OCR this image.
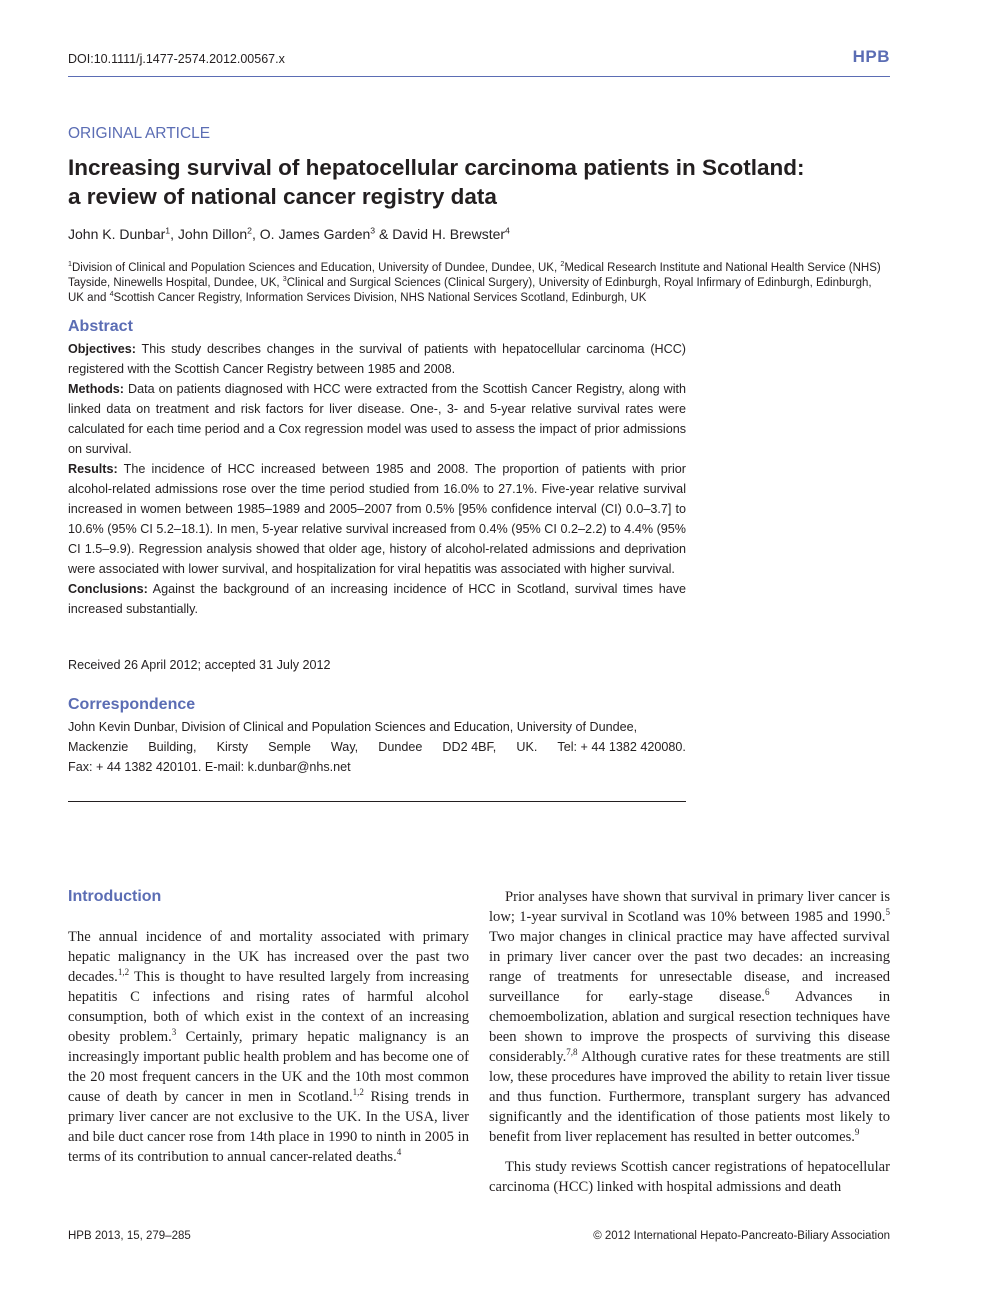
DOI:10.1111/j.1477-2574.2012.00567.x	HPB
ORIGINAL ARTICLE
Increasing survival of hepatocellular carcinoma patients in Scotland:
a review of national cancer registry data
John K. Dunbar$^1$, John Dillon$^2$, O. James Garden$^3$ & David H. Brewster$^4$
$^1$Division of Clinical and Population Sciences and Education, University of Dundee, Dundee, UK, $^2$Medical Research Institute and National Health Service (NHS) Tayside, Ninewells Hospital, Dundee, UK, $^3$Clinical and Surgical Sciences (Clinical Surgery), University of Edinburgh, Royal Infirmary of Edinburgh, Edinburgh, UK and $^4$Scottish Cancer Registry, Information Services Division, NHS National Services Scotland, Edinburgh, UK
Abstract

Objectives: This study describes changes in the survival of patients with hepatocellular carcinoma (HCC) registered with the Scottish Cancer Registry between 1985 and 2008.

Methods: Data on patients diagnosed with HCC were extracted from the Scottish Cancer Registry, along with linked data on treatment and risk factors for liver disease. One-, 3- and 5-year relative survival rates were calculated for each time period and a Cox regression model was used to assess the impact of prior admissions on survival.

Results: The incidence of HCC increased between 1985 and 2008. The proportion of patients with prior alcohol-related admissions rose over the time period studied from 16.0% to 27.1%. Five-year relative survival increased in women between 1985–1989 and 2005–2007 from 0.5% [95% confidence interval (CI) 0.0–3.7] to 10.6% (95% CI 5.2–18.1). In men, 5-year relative survival increased from 0.4% (95% CI 0.2–2.2) to 4.4% (95% CI 1.5–9.9). Regression analysis showed that older age, history of alcohol-related admissions and deprivation were associated with lower survival, and hospitalization for viral hepatitis was associated with higher survival.

Conclusions: Against the background of an increasing incidence of HCC in Scotland, survival times have increased substantially.

Received 26 April 2012; accepted 31 July 2012
Correspondence
John Kevin Dunbar, Division of Clinical and Population Sciences and Education, University of Dundee,
Mackenzie Building, Kirsty Semple Way, Dundee DD2 4BF, UK. Tel: + 44 1382 420080.
Fax: + 44 1382 420101. E-mail: k.dunbar@nhs.net
Introduction

The annual incidence of and mortality associated with primary hepatic malignancy in the UK has increased over the past two decades.$^{1,2}$ This is thought to have resulted largely from increasing hepatitis C infections and rising rates of harmful alcohol consumption, both of which exist in the context of an increasing obesity problem.$^3$ Certainly, primary hepatic malignancy is an increasingly important public health problem and has become one of the 20 most frequent cancers in the UK and the 10th most common cause of death by cancer in men in Scotland.$^{1,2}$ Rising trends in primary liver cancer are not exclusive to the UK. In the USA, liver and bile duct cancer rose from 14th place in 1990 to ninth in 2005 in terms of its contribution to annual cancer-related deaths.$^4$

Prior analyses have shown that survival in primary liver cancer is low; 1-year survival in Scotland was 10% between 1985 and 1990.$^5$ Two major changes in clinical practice may have affected survival in primary liver cancer over the past two decades: an increasing range of treatments for unresectable disease, and increased surveillance for early-stage disease.$^6$ Advances in chemoembolization, ablation and surgical resection techniques have been shown to improve the prospects of surviving this disease considerably.$^{7,8}$ Although curative rates for these treatments are still low, these procedures have improved the ability to retain liver tissue and thus function. Furthermore, transplant surgery has advanced significantly and the identification of those patients most likely to benefit from liver replacement has resulted in better outcomes.$^9$

This study reviews Scottish cancer registrations of hepatocellular carcinoma (HCC) linked with hospital admissions and death

HPB 2013, 15, 279–285	© 2012 International Hepato-Pancreato-Biliary Association
